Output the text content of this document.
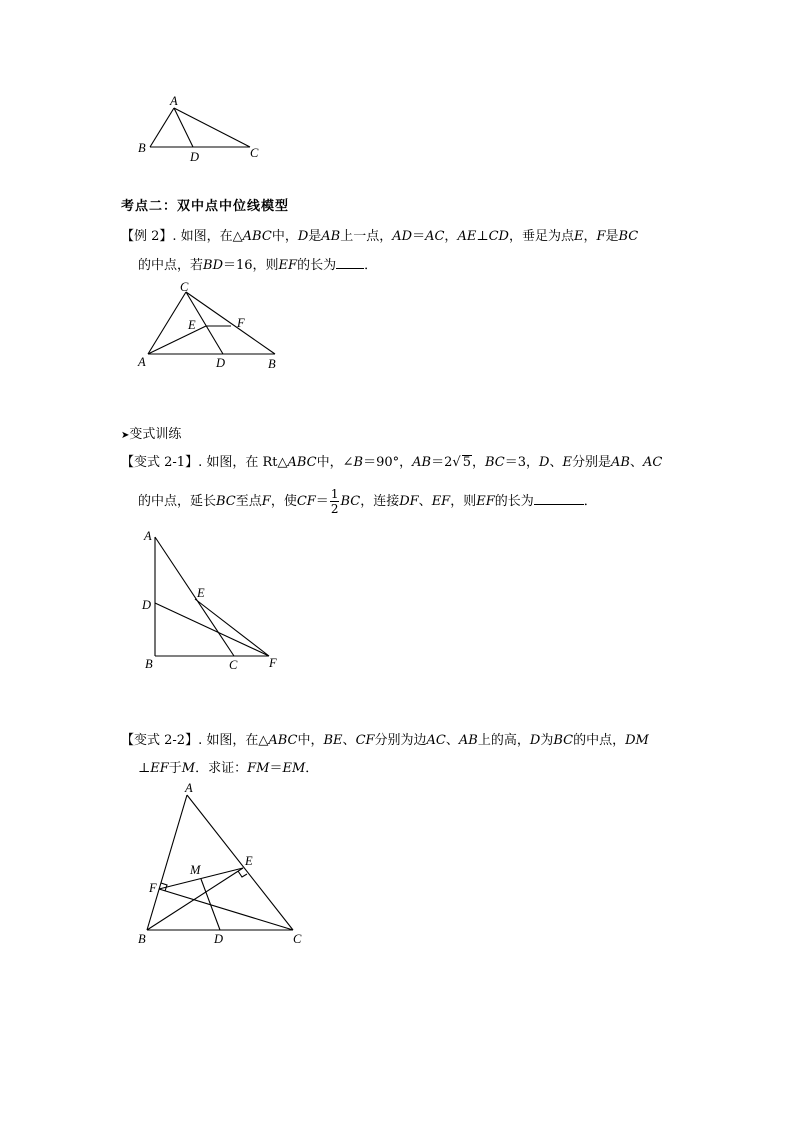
A
B
D	C
考点二：双中点中位线模型
【例 2】. 如图，在△ABC中，D是AB上一点，AD＝AC，AE⊥CD，垂足为点E，F是BC
的中点，若BD＝16，则EF的长为 ．
C
E	F
A	D	B
➤变式训练
【变式 2-1】. 如图，在 Rt△ABC中，∠B＝90°，AB＝2√ 5，BC＝3，D、E分别是AB、AC
的中点，延长BC至点F，使$CF= \frac{1}{2}$ BC，连接DF、EF，则EF的长为	．
A
E
D
B	C	F
【变式 2-2】. 如图，在△ABC中，BE、CF分别为边AC、AB上的高，D为BC的中点，DM
⊥EF于M．求证：FM＝EM．
A
M
E
F
B	D	C
